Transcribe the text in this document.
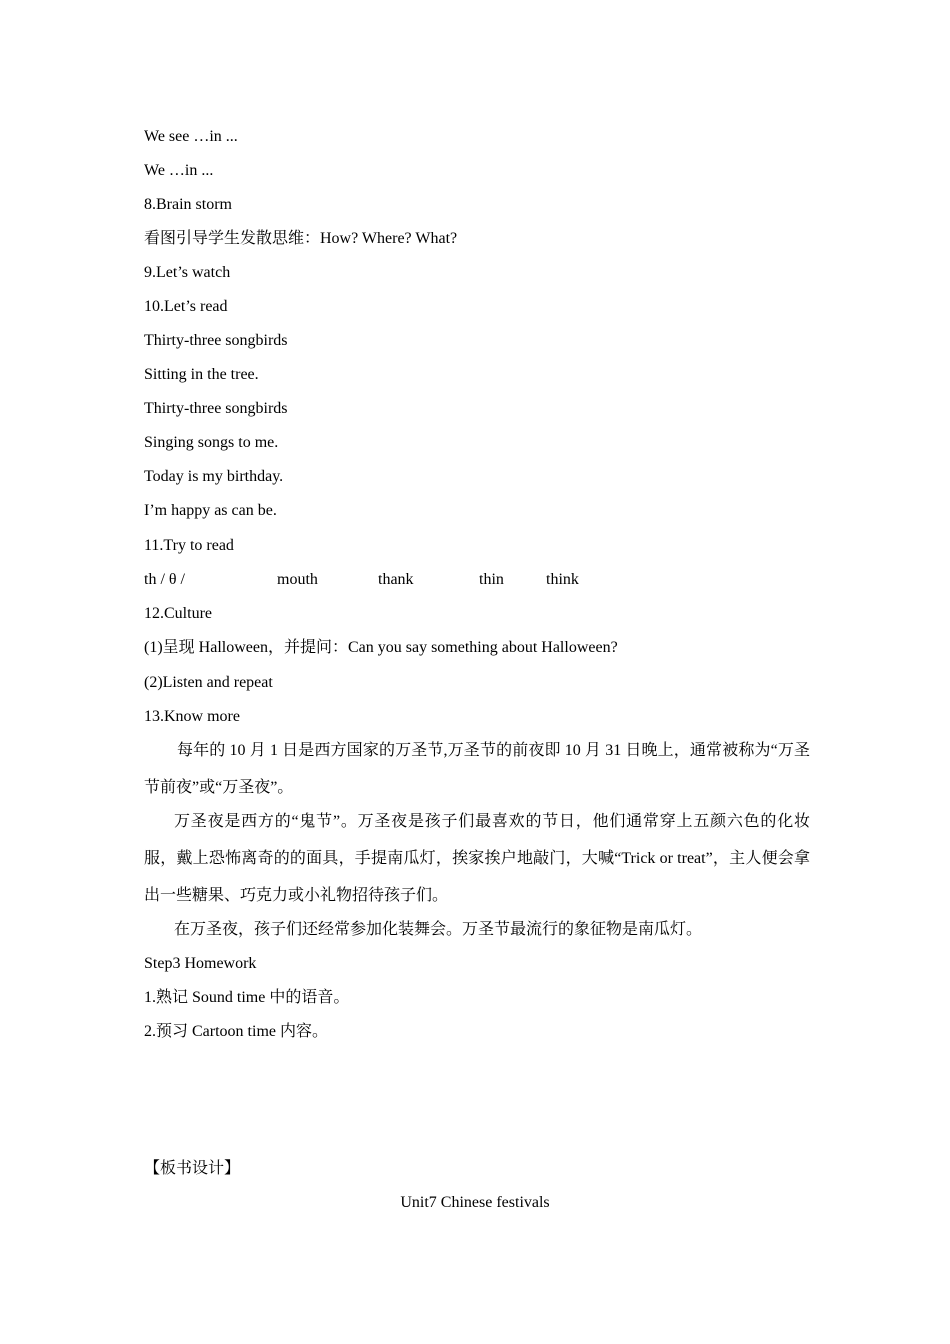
We see …in ...
We …in ...
8.Brain storm
看图引导学生发散思维：How? Where? What?
9.Let’s watch
10.Let’s read
Thirty-three songbirds
Sitting in the tree.
Thirty-three songbirds
Singing songs to me.
Today is my birthday.
I’m happy as can be.
11.Try to read
th / θ /	mouth	thank	thin	think
12.Culture
(1)呈现 Halloween，并提问：Can you say something about Halloween?
(2)Listen and repeat
13.Know more
每年的 10 月 1 日是西方国家的万圣节,万圣节的前夜即 10 月 31 日晚上，通常被称为“万圣节前夜”或“万圣夜”。
万圣夜是西方的“鬼节”。万圣夜是孩子们最喜欢的节日，他们通常穿上五颜六色的化妆服，戴上恐怖离奇的的面具，手提南瓜灯，挨家挨户地敲门，大喊“Trick or treat”，主人便会拿出一些糖果、巧克力或小礼物招待孩子们。
在万圣夜，孩子们还经常参加化装舞会。万圣节最流行的象征物是南瓜灯。
Step3 Homework
1.熟记 Sound time 中的语音。
2.预习 Cartoon time 内容。
【板书设计】
Unit7 Chinese festivals
